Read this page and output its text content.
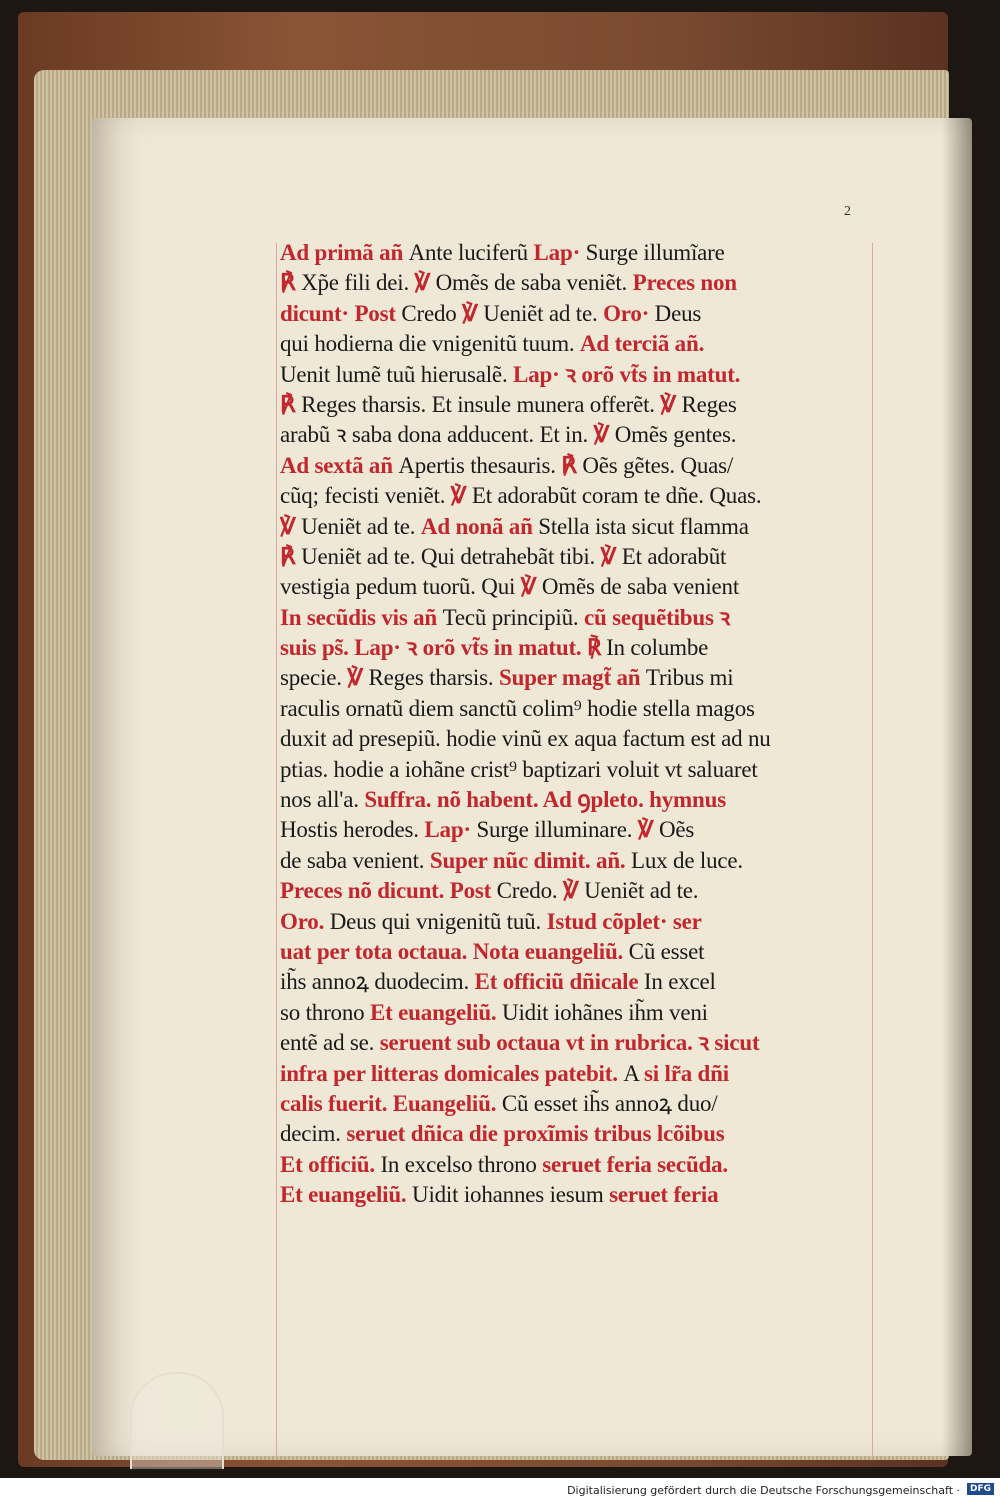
2
Ad primã añ Ante luciferũ Lap· Surge illumĩare
℟ Xp̃e fili dei. ℣ Omẽs de saba veniẽt. Preces non
dicunt· Post Credo ℣ Ueniẽt ad te. Oro· Deus
qui hodierna die vnigenitũ tuum. Ad terciã añ.
Uenit lumẽ tuũ hierusalẽ. Lap· ꝛ orõ vt̃s in matut.
℟ Reges tharsis. Et insule munera offerẽt. ℣ Reges
arabũ ꝛ saba dona adducent. Et in. ℣ Omẽs gentes.
Ad sextã añ Apertis thesauris. ℟ Oẽs gẽtes. Quas/
cũq; fecisti veniẽt. ℣ Et adorabũt coram te dñe. Quas.
℣ Ueniẽt ad te. Ad nonã añ Stella ista sicut flamma
℟ Ueniẽt ad te. Qui detrahebãt tibi. ℣ Et adorabũt
vestigia pedum tuorũ. Qui ℣ Omẽs de saba venient
In secũdis vis añ Tecũ principiũ. cũ sequẽtibus ꝛ
suis ps̃. Lap· ꝛ orõ vt̃s in matut. ℟ In columbe
specie. ℣ Reges tharsis. Super magt̃ añ Tribus mi
raculis ornatũ diem sanctũ colim⁹ hodie stella magos
duxit ad presepiũ. hodie vinũ ex aqua factum est ad nu
ptias. hodie a iohãne crist⁹ baptizari voluit vt saluaret
nos all'a. Suffra. nõ habent. Ad ꝯpleto. hymnus
Hostis herodes. Lap· Surge illuminare. ℣ Oẽs
de saba venient. Super nũc dimit. añ. Lux de luce.
Preces nõ dicunt. Post Credo. ℣ Ueniẽt ad te.
Oro. Deus qui vnigenitũ tuũ. Istud cõplet· ser
uat per tota octaua. Nota euangeliũ. Cũ esset
ih̃s annoꝝ duodecim. Et officiũ dñicale In excel
so throno Et euangeliũ. Uidit iohãnes ih̃m veni
entẽ ad se. seruent sub octaua vt in rubrica. ꝛ sicut
infra per litteras domicales patebit. A si lr̃a dñi
calis fuerit. Euangeliũ. Cũ esset ih̃s annoꝝ duo/
decim. seruet dñica die proxĩmis tribus lcõibus
Et officiũ. In excelso throno seruet feria secũda.
Et euangeliũ. Uidit iohannes iesum seruet feria
Digitalisierung gefördert durch die Deutsche Forschungsgemeinschaft ·	DFG
